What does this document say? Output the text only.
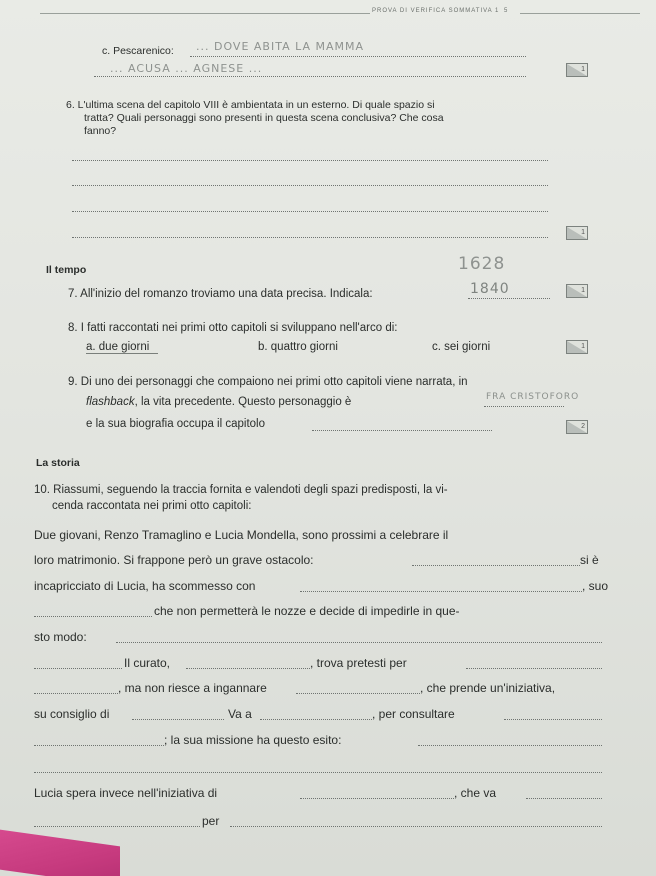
PROVA DI VERIFICA SOMMATIVA 1 5
c. Pescarenico: ... DOVE ABITA LA MAMMA
... ACUSA ... AGNESE ...	1
6. L'ultima scena del capitolo VIII è ambientata in un esterno. Di quale spazio si
tratta? Quali personaggi sono presenti in questa scena conclusiva? Che cosa
fanno?
1
Il tempo	1628
7. All'inizio del romanzo troviamo una data precisa. Indicala:	1840	1
8. I fatti raccontati nei primi otto capitoli si sviluppano nell'arco di:
a. due giorni	b. quattro giorni	c. sei giorni	1
9. Di uno dei personaggi che compaiono nei primi otto capitoli viene narrata, in
flashback, la vita precedente. Questo personaggio è	FRA CRISTOFORO
e la sua biografia occupa il capitolo	2
La storia
10. Riassumi, seguendo la traccia fornita e valendoti degli spazi predisposti, la vi-
cenda raccontata nei primi otto capitoli:
Due giovani, Renzo Tramaglino e Lucia Mondella, sono prossimi a celebrare il
loro matrimonio. Si frappone però un grave ostacolo:	si è
incapricciato di Lucia, ha scommesso con	, suo
che non permetterà le nozze e decide di impedirle in que-
sto modo:
Il curato,	, trova pretesti per
, ma non riesce a ingannare	, che prende un'iniziativa,
su consiglio di	Va a	, per consultare
; la sua missione ha questo esito:
Lucia spera invece nell'iniziativa di	, che va
per
